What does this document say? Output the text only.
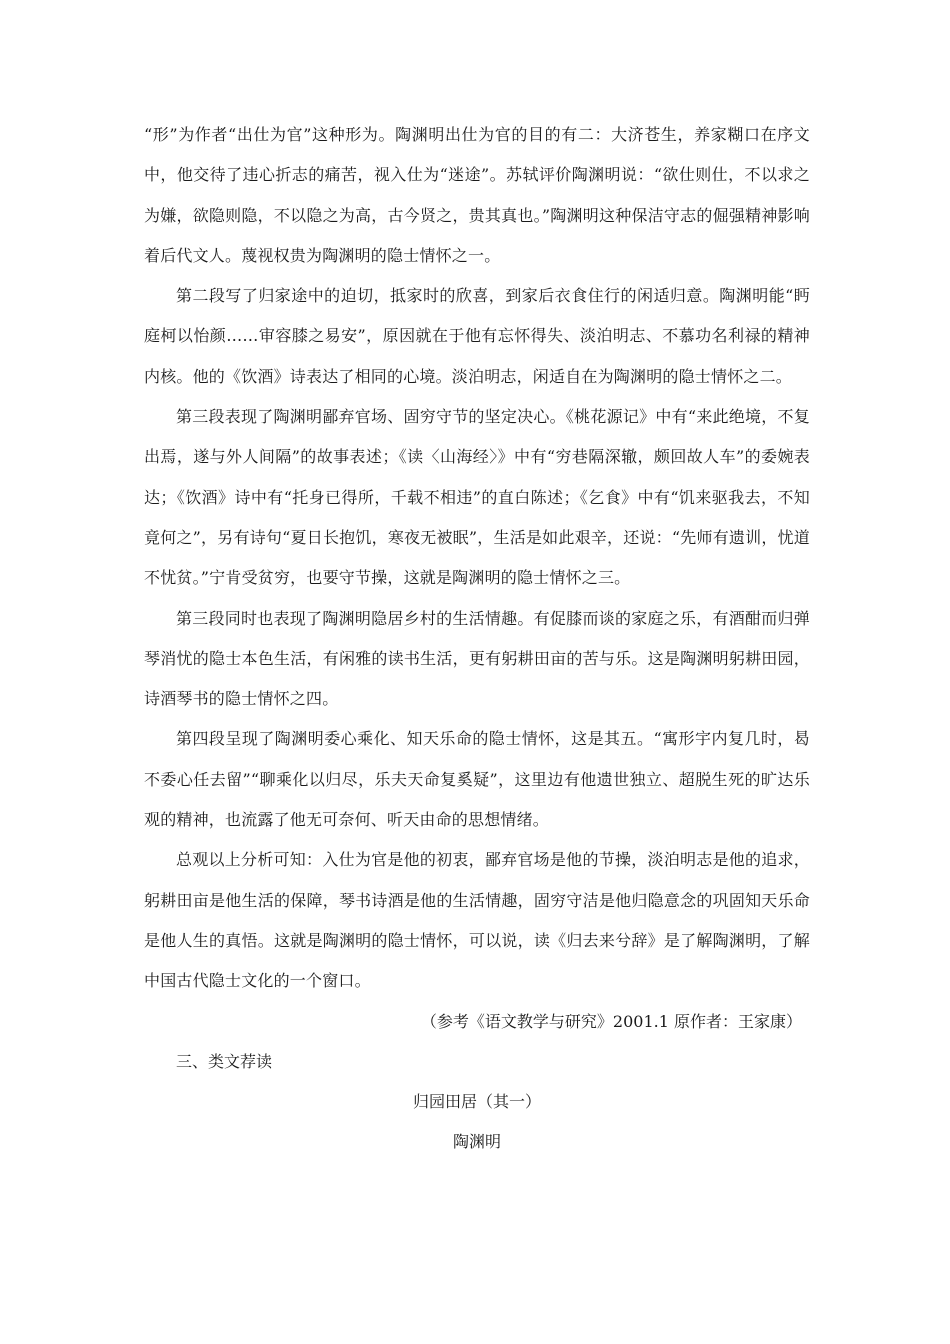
“形”为作者“出仕为官”这种形为。陶渊明出仕为官的目的有二：大济苍生，养家糊口在序文中，他交待了违心折志的痛苦，视入仕为“迷途”。苏轼评价陶渊明说：“欲仕则仕，不以求之为嫌，欲隐则隐，不以隐之为高，古今贤之，贵其真也。”陶渊明这种保洁守志的倔强精神影响着后代文人。蔑视权贵为陶渊明的隐士情怀之一。

第二段写了归家途中的迫切，抵家时的欣喜，到家后衣食住行的闲适归意。陶渊明能“眄庭柯以怡颜……审容膝之易安”，原因就在于他有忘怀得失、淡泊明志、不慕功名利禄的精神内核。他的《饮酒》诗表达了相同的心境。淡泊明志，闲适自在为陶渊明的隐士情怀之二。

第三段表现了陶渊明鄙弃官场、固穷守节的坚定决心。《桃花源记》中有“来此绝境，不复出焉，遂与外人间隔”的故事表述；《读〈山海经〉》中有“穷巷隔深辙，颇回故人车”的委婉表达；《饮酒》诗中有“托身已得所，千载不相违”的直白陈述；《乞食》中有“饥来驱我去，不知竟何之”，另有诗句“夏日长抱饥，寒夜无被眠”，生活是如此艰辛，还说：“先师有遗训，忧道不忧贫。”宁肯受贫穷，也要守节操，这就是陶渊明的隐士情怀之三。

第三段同时也表现了陶渊明隐居乡村的生活情趣。有促膝而谈的家庭之乐，有酒酣而归弹琴消忧的隐士本色生活，有闲雅的读书生活，更有躬耕田亩的苦与乐。这是陶渊明躬耕田园，诗酒琴书的隐士情怀之四。

第四段呈现了陶渊明委心乘化、知天乐命的隐士情怀，这是其五。“寓形宇内复几时，曷不委心任去留”“聊乘化以归尽，乐夫天命复奚疑”，这里边有他遗世独立、超脱生死的旷达乐观的精神，也流露了他无可奈何、听天由命的思想情绪。

总观以上分析可知：入仕为官是他的初衷，鄙弃官场是他的节操，淡泊明志是他的追求，躬耕田亩是他生活的保障，琴书诗酒是他的生活情趣，固穷守洁是他归隐意念的巩固知天乐命是他人生的真悟。这就是陶渊明的隐士情怀，可以说，读《归去来兮辞》是了解陶渊明，了解中国古代隐士文化的一个窗口。

（参考《语文教学与研究》2001.1 原作者：王家康）

三、类文荐读

归园田居（其一）

陶渊明
